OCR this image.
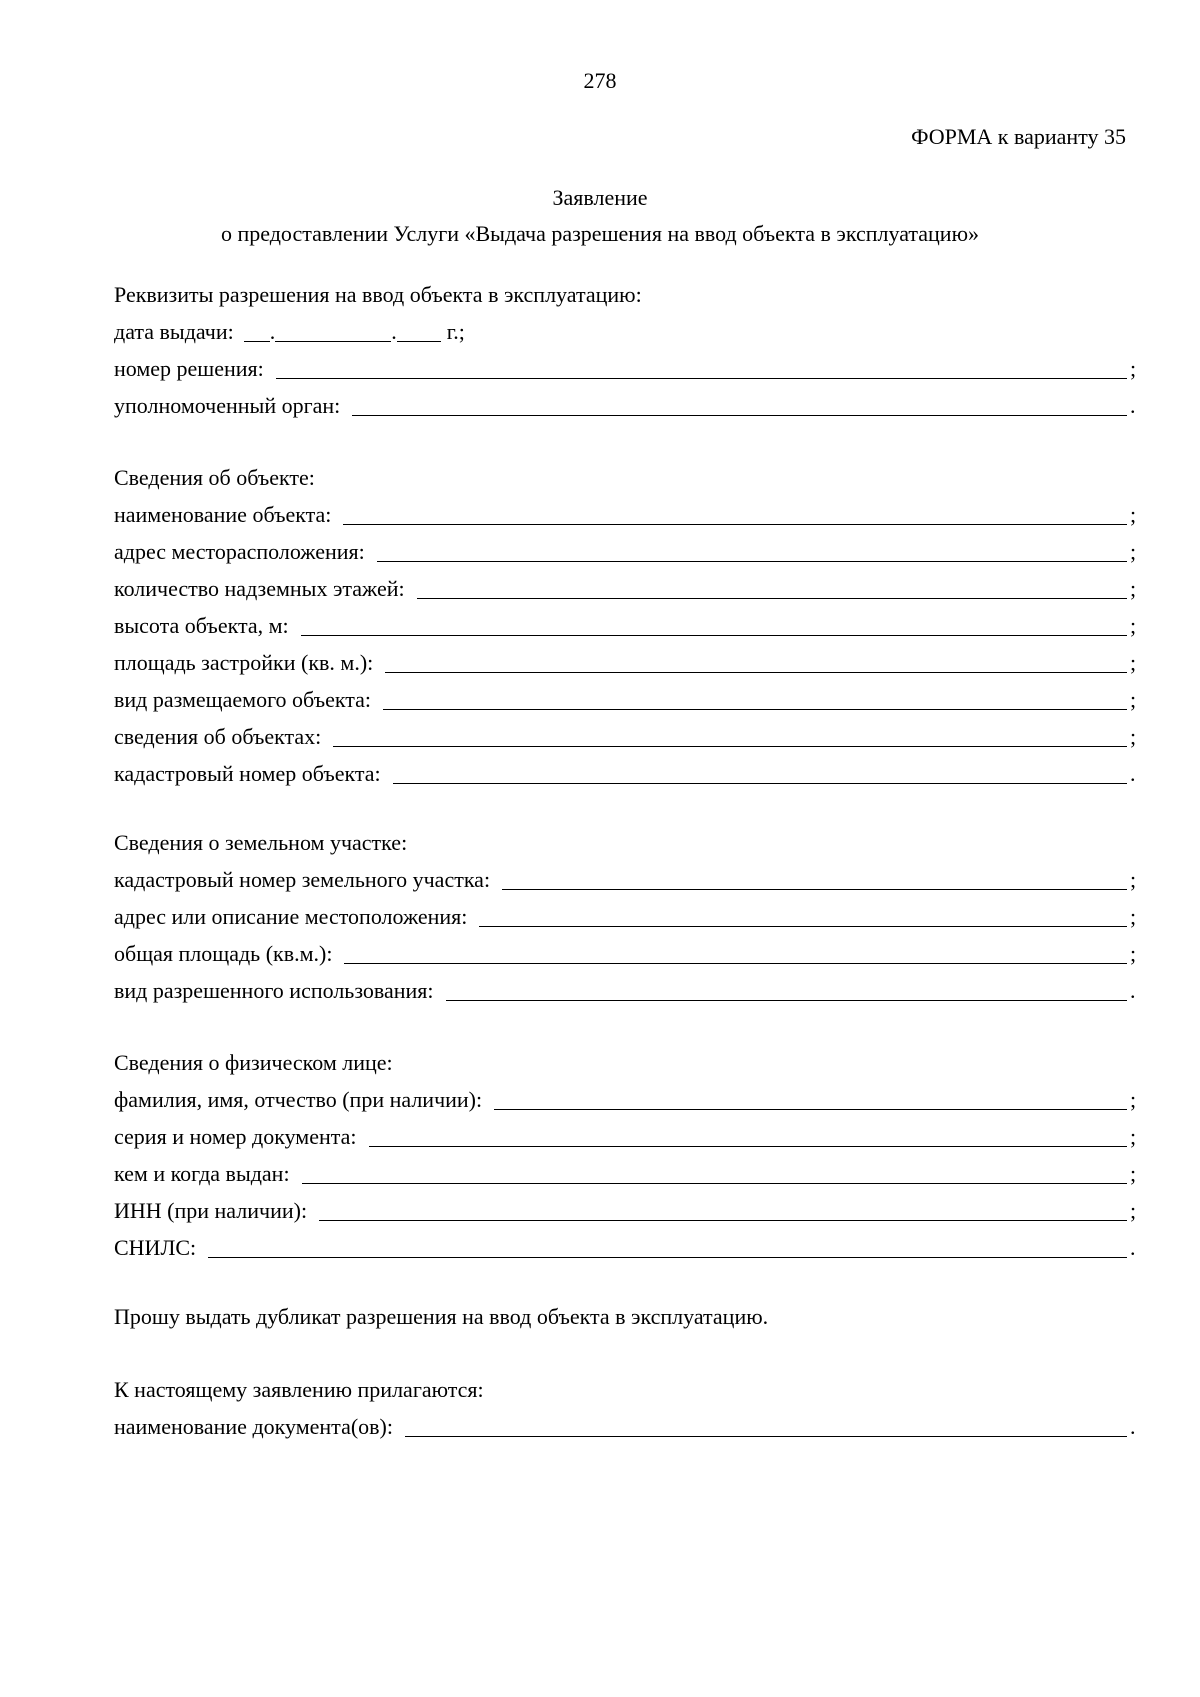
278
ФОРМА к варианту 35
Заявление
о предоставлении Услуги «Выдача разрешения на ввод объекта в эксплуатацию»
Реквизиты разрешения на ввод объекта в эксплуатацию:
дата выдачи: .	. г.;
номер решения:	;
уполномоченный орган:	.
Сведения об объекте:
наименование объекта:	;
адрес месторасположения:	;
количество надземных этажей:	;
высота объекта, м:	;
площадь застройки (кв. м.):	;
вид размещаемого объекта:	;
сведения об объектах:	;
кадастровый номер объекта:	.
Сведения о земельном участке:
кадастровый номер земельного участка:	;
адрес или описание местоположения:	;
общая площадь (кв.м.):	;
вид разрешенного использования:	.
Сведения о физическом лице:
фамилия, имя, отчество (при наличии):	;
серия и номер документа:	;
кем и когда выдан:	;
ИНН (при наличии):	;
СНИЛС:	.
Прошу выдать дубликат разрешения на ввод объекта в эксплуатацию.
К настоящему заявлению прилагаются:
наименование документа(ов):	.
